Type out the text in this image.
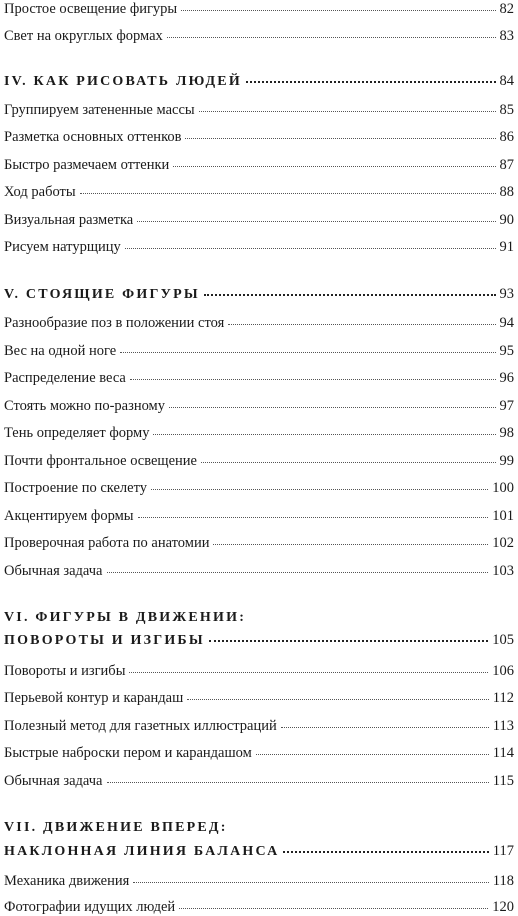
Простое освещение фигуры	82
Свет на округлых формах	83
IV. КАК РИСОВАТЬ ЛЮДЕЙ	84
Группируем затененные массы	85
Разметка основных оттенков	86
Быстро размечаем оттенки	87
Ход работы	88
Визуальная разметка	90
Рисуем натурщицу	91
V. СТОЯЩИЕ ФИГУРЫ	93
Разнообразие поз в положении стоя	94
Вес на одной ноге	95
Распределение веса	96
Стоять можно по-разному	97
Тень определяет форму	98
Почти фронтальное освещение	99
Построение по скелету	100
Акцентируем формы	101
Проверочная работа по анатомии	102
Обычная задача	103
VI. ФИГУРЫ В ДВИЖЕНИИ:
ПОВОРОТЫ И ИЗГИБЫ	105
Повороты и изгибы	106
Перьевой контур и карандаш	112
Полезный метод для газетных иллюстраций	113
Быстрые наброски пером и карандашом	114
Обычная задача	115
VII. ДВИЖЕНИЕ ВПЕРЕД:
НАКЛОННАЯ ЛИНИЯ БАЛАНСА	117
Механика движения	118
Фотографии идущих людей	120
